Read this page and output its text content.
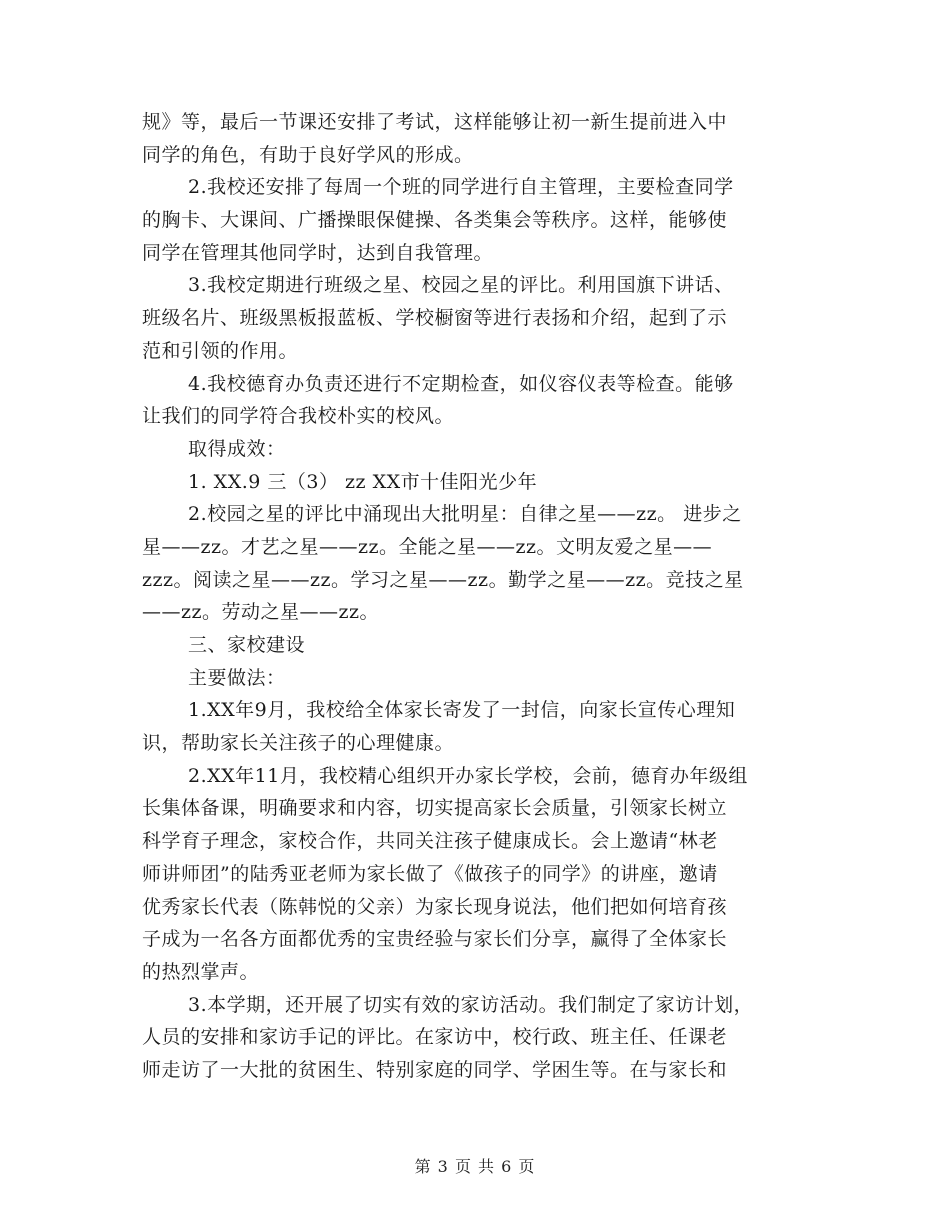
规》等，最后一节课还安排了考试，这样能够让初一新生提前进入中
同学的角色，有助于良好学风的形成。
2.我校还安排了每周一个班的同学进行自主管理，主要检查同学
的胸卡、大课间、广播操眼保健操、各类集会等秩序。这样，能够使
同学在管理其他同学时，达到自我管理。
3.我校定期进行班级之星、校园之星的评比。利用国旗下讲话、
班级名片、班级黑板报蓝板、学校橱窗等进行表扬和介绍，起到了示
范和引领的作用。
4.我校德育办负责还进行不定期检查，如仪容仪表等检查。能够
让我们的同学符合我校朴实的校风。
取得成效：
1. XX.9 三（3） zz XX市十佳阳光少年
2.校园之星的评比中涌现出大批明星：自律之星——zz。 进步之
星——zz。才艺之星——zz。全能之星——zz。文明友爱之星——
zzz。阅读之星——zz。学习之星——zz。勤学之星——zz。竞技之星
——zz。劳动之星——zz。
三、家校建设
主要做法：
1.XX年9月，我校给全体家长寄发了一封信，向家长宣传心理知
识，帮助家长关注孩子的心理健康。
2.XX年11月，我校精心组织开办家长学校，会前，德育办年级组
长集体备课，明确要求和内容，切实提高家长会质量，引领家长树立
科学育子理念，家校合作，共同关注孩子健康成长。会上邀请“林老
师讲师团”的陆秀亚老师为家长做了《做孩子的同学》的讲座，邀请
优秀家长代表（陈韩悦的父亲）为家长现身说法，他们把如何培育孩
子成为一名各方面都优秀的宝贵经验与家长们分享，赢得了全体家长
的热烈掌声。
3.本学期，还开展了切实有效的家访活动。我们制定了家访计划，
人员的安排和家访手记的评比。在家访中，校行政、班主任、任课老
师走访了一大批的贫困生、特别家庭的同学、学困生等。在与家长和
第 3 页 共 6 页
